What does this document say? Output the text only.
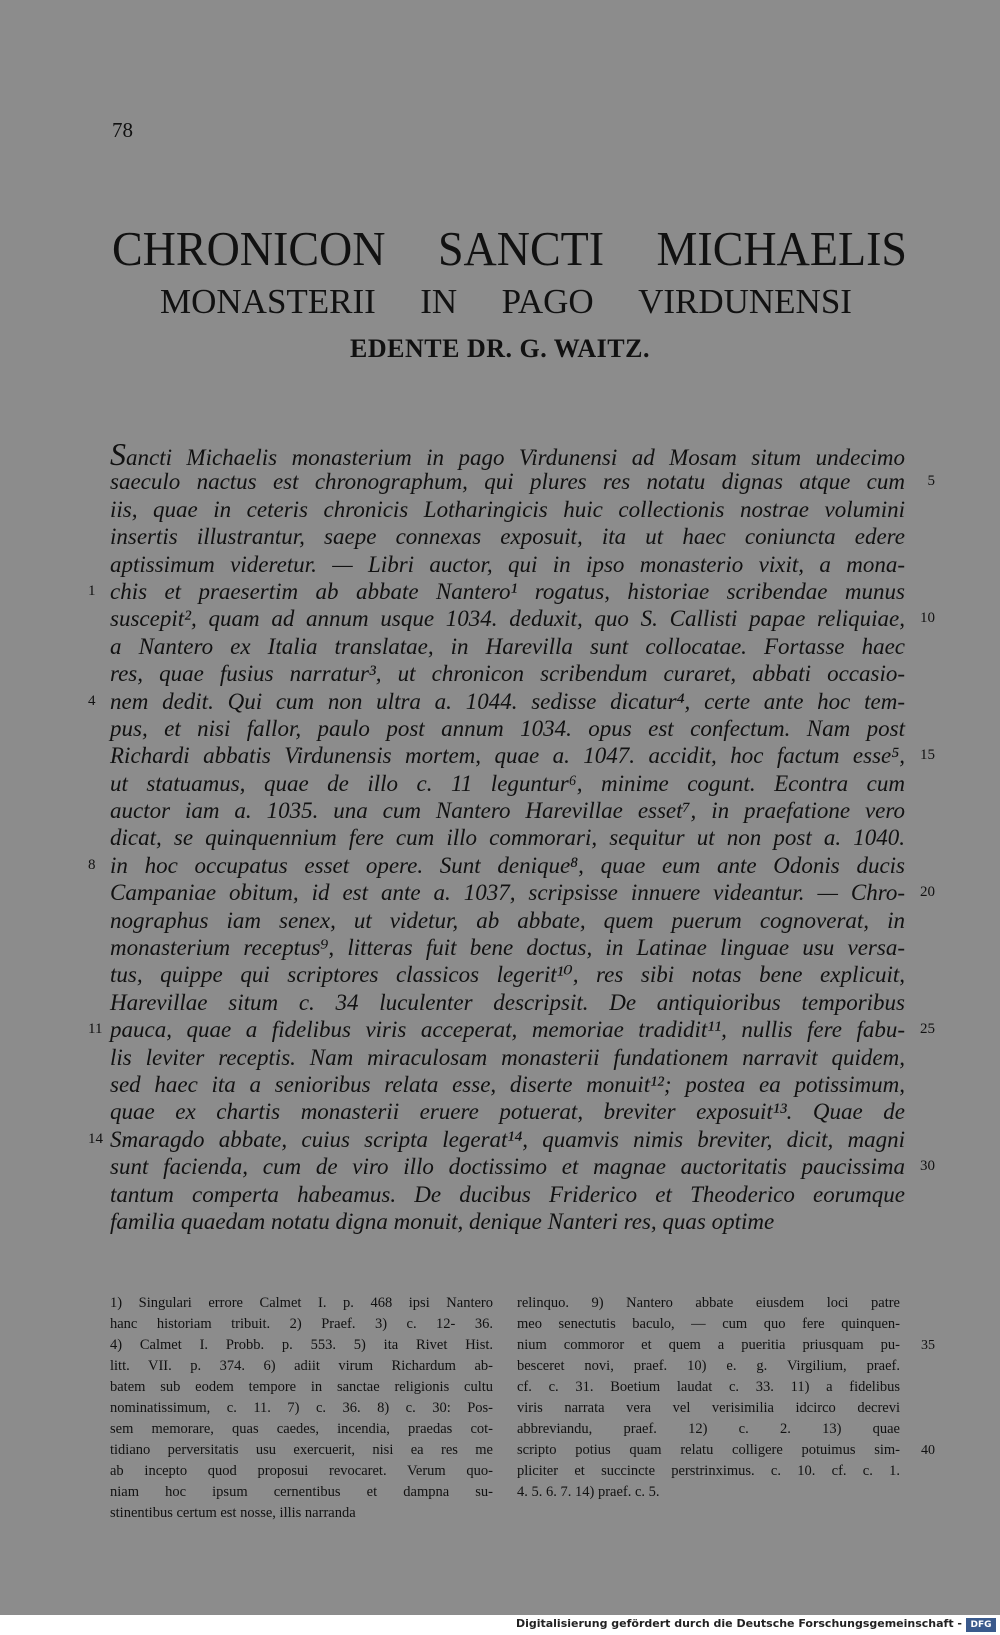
78
CHRONICON SANCTI MICHAELIS
MONASTERII IN PAGO VIRDUNENSI
EDENTE DR. G. WAITZ.
Sancti Michaelis monasterium in pago Virdunensi ad Mosam situm undecimo
saeculo nactus est chronographum, qui plures res notatu dignas atque cum 5
iis, quae in ceteris chronicis Lotharingicis huic collectionis nostrae volumini
insertis illustrantur, saepe connexas exposuit, ita ut haec coniuncta edere
aptissimum videretur. — Libri auctor, qui in ipso monasterio vixit, a mona-
chis et praesertim ab abbate Nantero¹ rogatus, historiae scribendae munus
1
suscepit², quam ad annum usque 1034. deduxit, quo S. Callisti papae reliquiae, 10
a Nantero ex Italia translatae, in Harevilla sunt collocatae. Fortasse haec
res, quae fusius narratur³, ut chronicon scribendum curaret, abbati occasio-
nem dedit. Qui cum non ultra a. 1044. sedisse dicatur⁴, certe ante hoc tem-
4
pus, et nisi fallor, paulo post annum 1034. opus est confectum. Nam post
Richardi abbatis Virdunensis mortem, quae a. 1047. accidit, hoc factum esse⁵, 15
ut statuamus, quae de illo c. 11 leguntur⁶, minime cogunt. Econtra cum
auctor iam a. 1035. una cum Nantero Harevillae esset⁷, in praefatione vero
dicat, se quinquennium fere cum illo commorari, sequitur ut non post a. 1040.
in hoc occupatus esset opere. Sunt denique⁸, quae eum ante Odonis ducis
8
Campaniae obitum, id est ante a. 1037, scripsisse innuere videantur. — Chro- 20
nographus iam senex, ut videtur, ab abbate, quem puerum cognoverat, in
monasterium receptus⁹, litteras fuit bene doctus, in Latinae linguae usu versa-
tus, quippe qui scriptores classicos legerit¹⁰, res sibi notas bene explicuit,
Harevillae situm c. 34 luculenter descripsit. De antiquioribus temporibus
pauca, quae a fidelibus viris acceperat, memoriae tradidit¹¹, nullis fere fabu-
11	25
lis leviter receptis. Nam miraculosam monasterii fundationem narravit quidem,
sed haec ita a senioribus relata esse, diserte monuit¹²; postea ea potissimum,
quae ex chartis monasterii eruere potuerat, breviter exposuit¹³. Quae de
Smaragdo abbate, cuius scripta legerat¹⁴, quamvis nimis breviter, dicit, magni
14
sunt facienda, cum de viro illo doctissimo et magnae auctoritatis paucissima 30
tantum comperta habeamus. De ducibus Friderico et Theoderico eorumque
familia quaedam notatu digna monuit, denique Nanteri res, quas optime
1) Singulari errore Calmet I. p. 468 ipsi Nantero
hanc historiam tribuit. 2) Praef. 3) c. 12- 36.
4) Calmet I. Probb. p. 553. 5) ita Rivet Hist.
litt. VII. p. 374. 6) adiit virum Richardum ab-
batem sub eodem tempore in sanctae religionis cultu
nominatissimum, c. 11. 7) c. 36. 8) c. 30: Pos-
sem memorare, quas caedes, incendia, praedas cot-
tidiano perversitatis usu exercuerit, nisi ea res me
ab incepto quod proposui revocaret. Verum quo-
niam hoc ipsum cernentibus et dampna su-
stinentibus certum est nosse, illis narranda
relinquo. 9) Nantero abbate eiusdem loci patre
meo senectutis baculo, — cum quo fere quinquen-
nium commoror et quem a pueritia priusquam pu- 35
besceret novi, praef. 10) e. g. Virgilium, praef.
cf. c. 31. Boetium laudat c. 33. 11) a fidelibus
viris narrata vera vel verisimilia idcirco decrevi
abbreviandu, praef. 12) c. 2. 13) quae
scripto potius quam relatu colligere potuimus sim- 40
pliciter et succincte perstrinximus. c. 10. cf. c. 1.
4. 5. 6. 7. 14) praef. c. 5.
Digitalisierung gefördert durch die Deutsche Forschungsgemeinschaft - DFG
